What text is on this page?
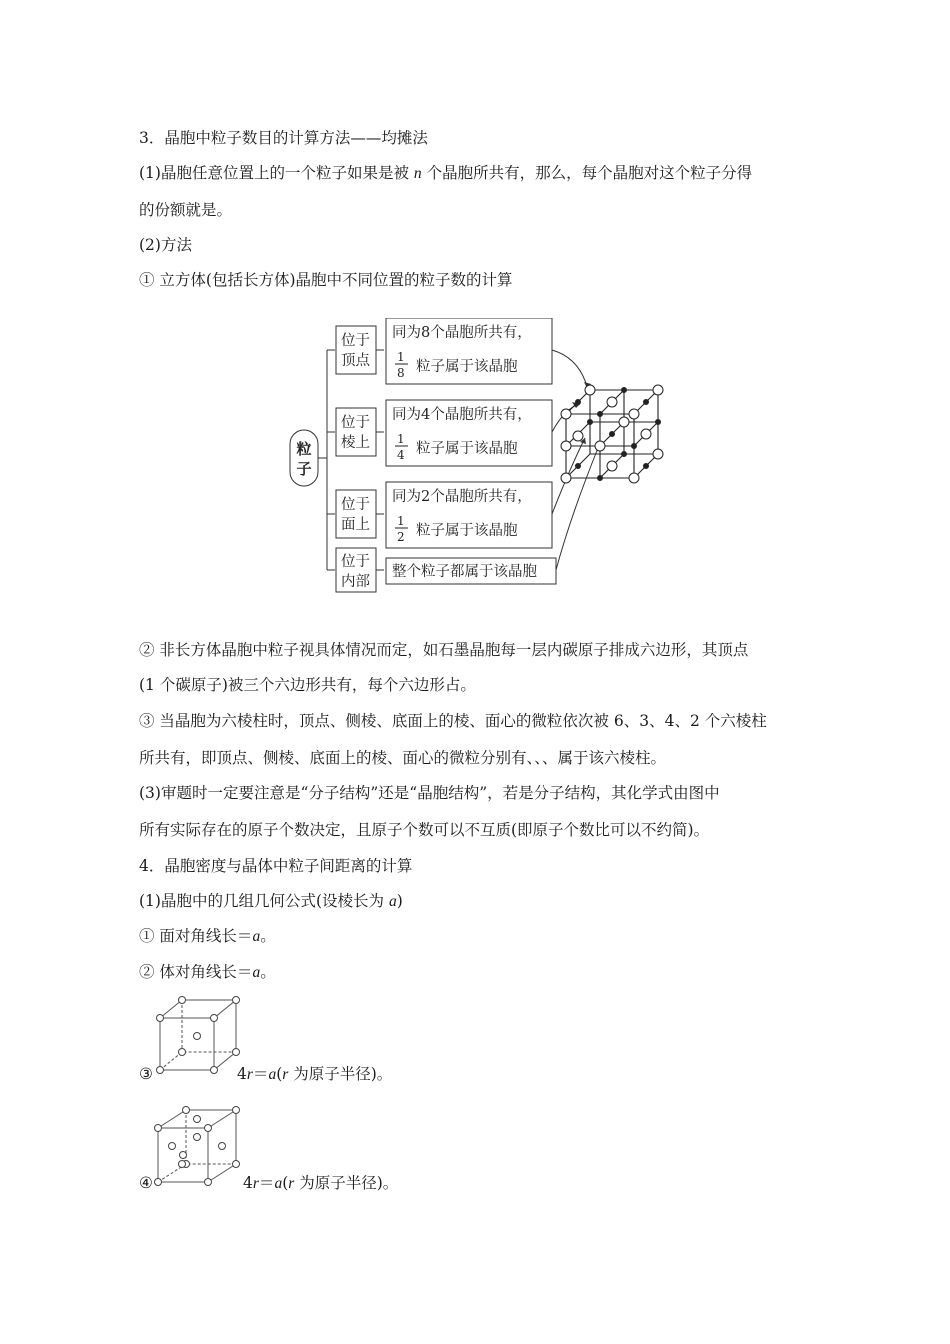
3．晶胞中粒子数目的计算方法——均摊法
(1)晶胞任意位置上的一个粒子如果是被 n 个晶胞所共有，那么，每个晶胞对这个粒子分得
的份额就是。
(2)方法
① 立方体(包括长方体)晶胞中不同位置的粒子数的计算
粒
子
位于
顶点
位于
棱上
位于
面上
位于
内部
同为8个晶胞所共有，
1
8 粒子属于该晶胞
同为4个晶胞所共有，
1
4 粒子属于该晶胞
同为2个晶胞所共有，
1
2 粒子属于该晶胞
整个粒子都属于该晶胞
② 非长方体晶胞中粒子视具体情况而定，如石墨晶胞每一层内碳原子排成六边形，其顶点
(1 个碳原子)被三个六边形共有，每个六边形占。
③ 当晶胞为六棱柱时，顶点、侧棱、底面上的棱、面心的微粒依次被 6、3、4、2 个六棱柱
所共有，即顶点、侧棱、底面上的棱、面心的微粒分别有、、、属于该六棱柱。
(3)审题时一定要注意是“分子结构”还是“晶胞结构”，若是分子结构，其化学式由图中
所有实际存在的原子个数决定，且原子个数可以不互质(即原子个数比可以不约简)。
4．晶胞密度与晶体中粒子间距离的计算
(1)晶胞中的几组几何公式(设棱长为 a)
① 面对角线长＝a。
② 体对角线长＝a。
③	4r＝a(r 为原子半径)。
④	4r＝a(r 为原子半径)。
